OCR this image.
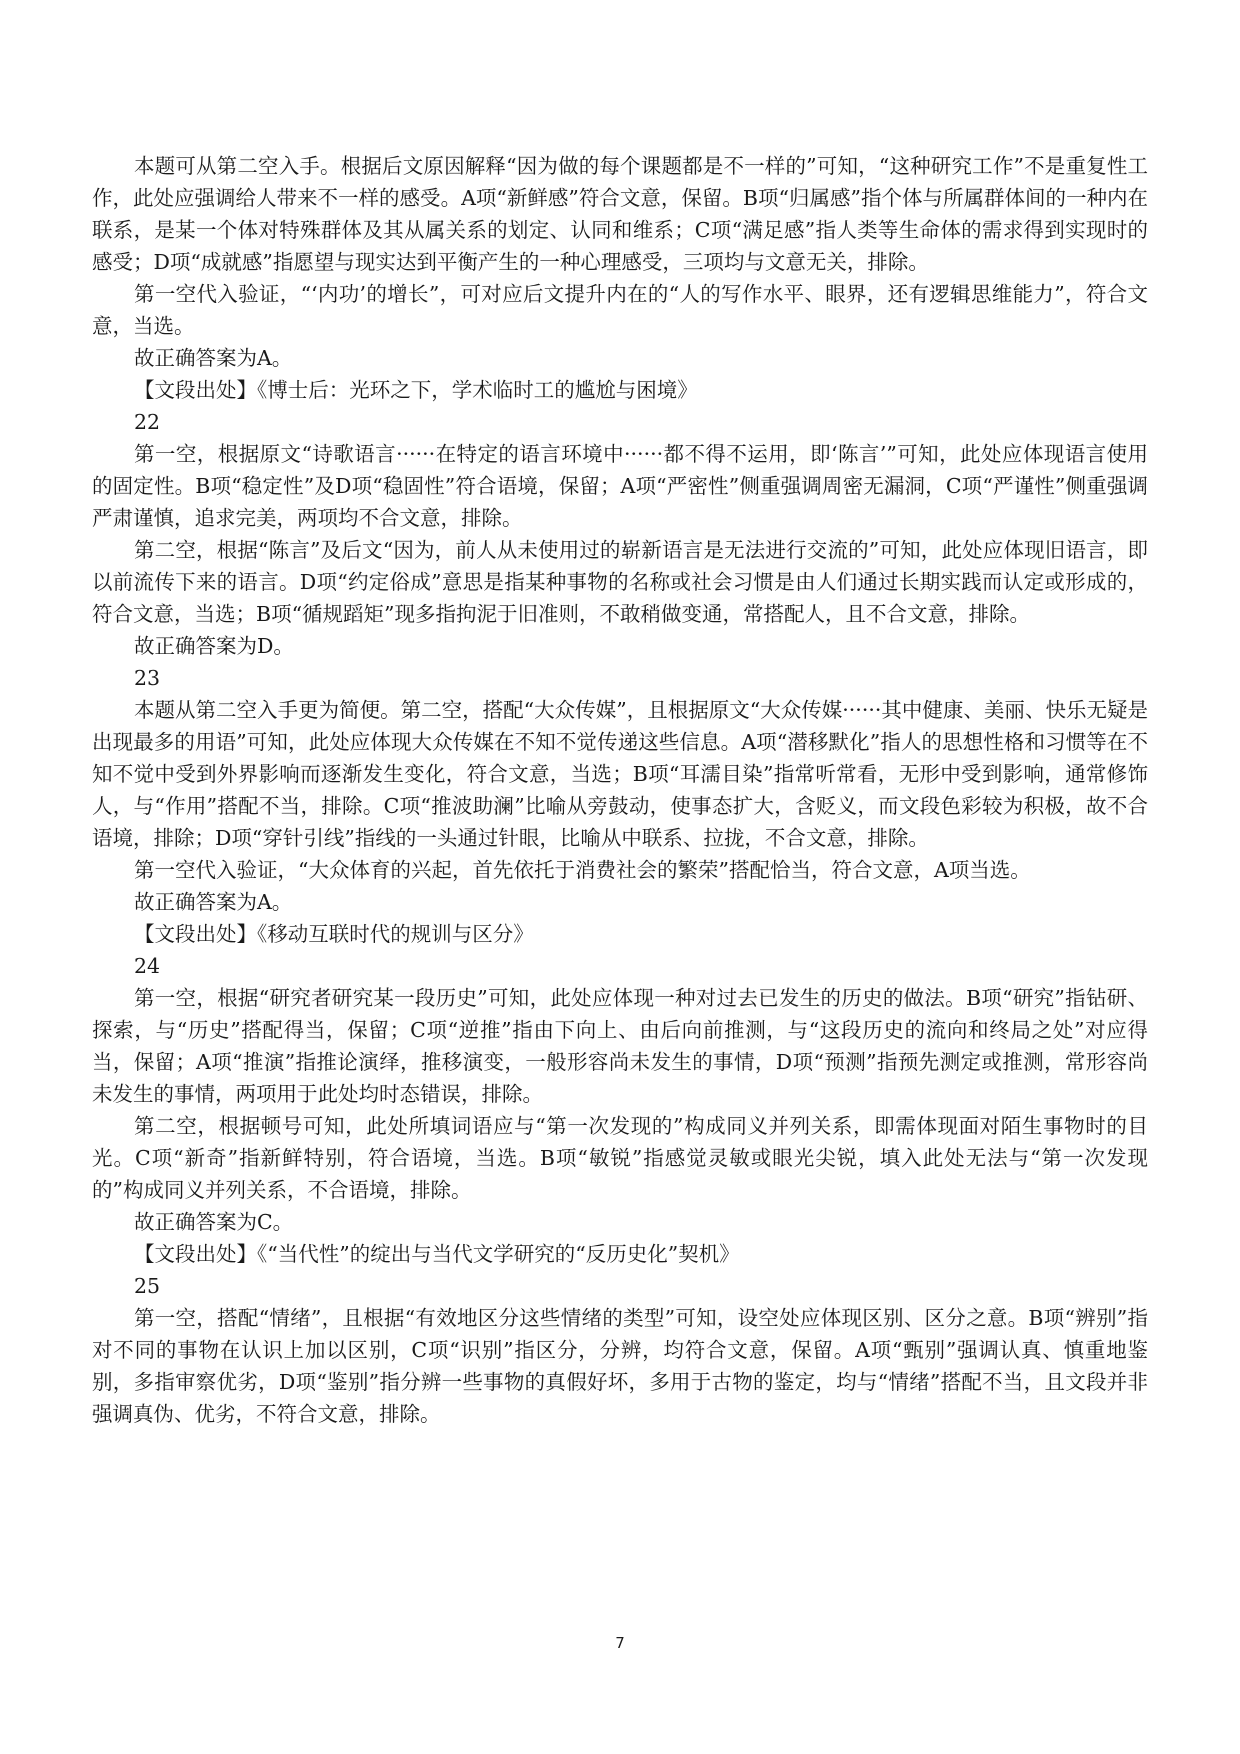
本题可从第二空入手。根据后文原因解释“因为做的每个课题都是不一样的”可知，“这种研究工作”不是重复性工作，此处应强调给人带来不一样的感受。A项“新鲜感”符合文意，保留。B项“归属感”指个体与所属群体间的一种内在联系，是某一个体对特殊群体及其从属关系的划定、认同和维系；C项“满足感”指人类等生命体的需求得到实现时的感受；D项“成就感”指愿望与现实达到平衡产生的一种心理感受，三项均与文意无关，排除。

第一空代入验证，“‘内功’的增长”，可对应后文提升内在的“人的写作水平、眼界，还有逻辑思维能力”，符合文意，当选。

故正确答案为A。

【文段出处】《博士后：光环之下，学术临时工的尴尬与困境》

22

第一空，根据原文“诗歌语言······在特定的语言环境中······都不得不运用，即‘陈言’”可知，此处应体现语言使用的固定性。B项“稳定性”及D项“稳固性”符合语境，保留；A项“严密性”侧重强调周密无漏洞，C项“严谨性”侧重强调严肃谨慎，追求完美，两项均不合文意，排除。

第二空，根据“陈言”及后文“因为，前人从未使用过的崭新语言是无法进行交流的”可知，此处应体现旧语言，即以前流传下来的语言。D项“约定俗成”意思是指某种事物的名称或社会习惯是由人们通过长期实践而认定或形成的，符合文意，当选；B项“循规蹈矩”现多指拘泥于旧准则，不敢稍做变通，常搭配人，且不合文意，排除。

故正确答案为D。

23

本题从第二空入手更为简便。第二空，搭配“大众传媒”，且根据原文“大众传媒······其中健康、美丽、快乐无疑是出现最多的用语”可知，此处应体现大众传媒在不知不觉传递这些信息。A项“潜移默化”指人的思想性格和习惯等在不知不觉中受到外界影响而逐渐发生变化，符合文意，当选；B项“耳濡目染”指常听常看，无形中受到影响，通常修饰人，与“作用”搭配不当，排除。C项“推波助澜”比喻从旁鼓动，使事态扩大，含贬义，而文段色彩较为积极，故不合语境，排除；D项“穿针引线”指线的一头通过针眼，比喻从中联系、拉拢，不合文意，排除。

第一空代入验证，“大众体育的兴起，首先依托于消费社会的繁荣”搭配恰当，符合文意，A项当选。

故正确答案为A。

【文段出处】《移动互联时代的规训与区分》

24

第一空，根据“研究者研究某一段历史”可知，此处应体现一种对过去已发生的历史的做法。B项“研究”指钻研、探索，与“历史”搭配得当，保留；C项“逆推”指由下向上、由后向前推测，与“这段历史的流向和终局之处”对应得当，保留；A项“推演”指推论演绎，推移演变，一般形容尚未发生的事情，D项“预测”指预先测定或推测，常形容尚未发生的事情，两项用于此处均时态错误，排除。

第二空，根据顿号可知，此处所填词语应与“第一次发现的”构成同义并列关系，即需体现面对陌生事物时的目光。C项“新奇”指新鲜特别，符合语境，当选。B项“敏锐”指感觉灵敏或眼光尖锐，填入此处无法与“第一次发现的”构成同义并列关系，不合语境，排除。

故正确答案为C。

【文段出处】《“当代性”的绽出与当代文学研究的“反历史化”契机》

25

第一空，搭配“情绪”，且根据“有效地区分这些情绪的类型”可知，设空处应体现区别、区分之意。B项“辨别”指对不同的事物在认识上加以区别，C项“识别”指区分，分辨，均符合文意，保留。A项“甄别”强调认真、慎重地鉴别，多指审察优劣，D项“鉴别”指分辨一些事物的真假好坏，多用于古物的鉴定，均与“情绪”搭配不当，且文段并非强调真伪、优劣，不符合文意，排除。

7
